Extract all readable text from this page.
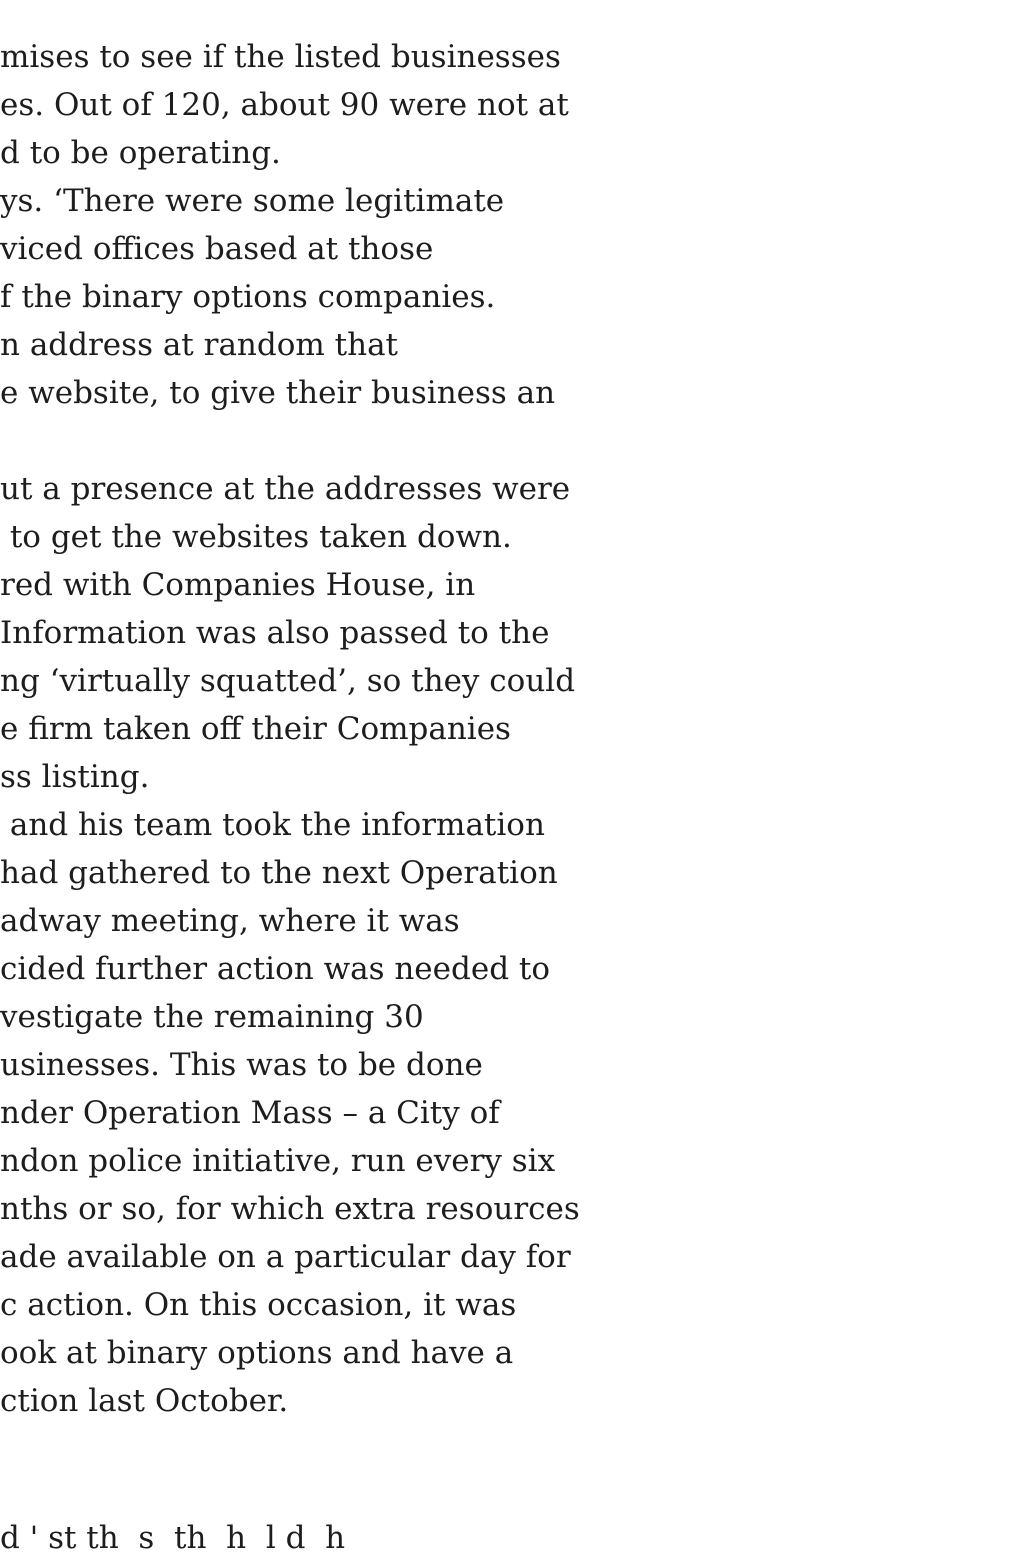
mises to see if the listed businesses
es. Out of 120, about 90 were not at
d to be operating.
ys. ‘There were some legitimate
viced offices based at those
f the binary options companies.
n address at random that
e website, to give their business an
ut a presence at the addresses were
to get the websites taken down.
red with Companies House, in
Information was also passed to the
ng ‘virtually squatted’, so they could
e firm taken off their Companies
ss listing.
and his team took the information
had gathered to the next Operation
adway meeting, where it was
cided further action was needed to
vestigate the remaining 30
usinesses. This was to be done
nder Operation Mass – a City of
ndon police initiative, run every six
nths or so, for which extra resources
ade available on a particular day for
c action. On this occasion, it was
ook at binary options and have a
ction last October.
d ' st th  s  th  h  l d  h
